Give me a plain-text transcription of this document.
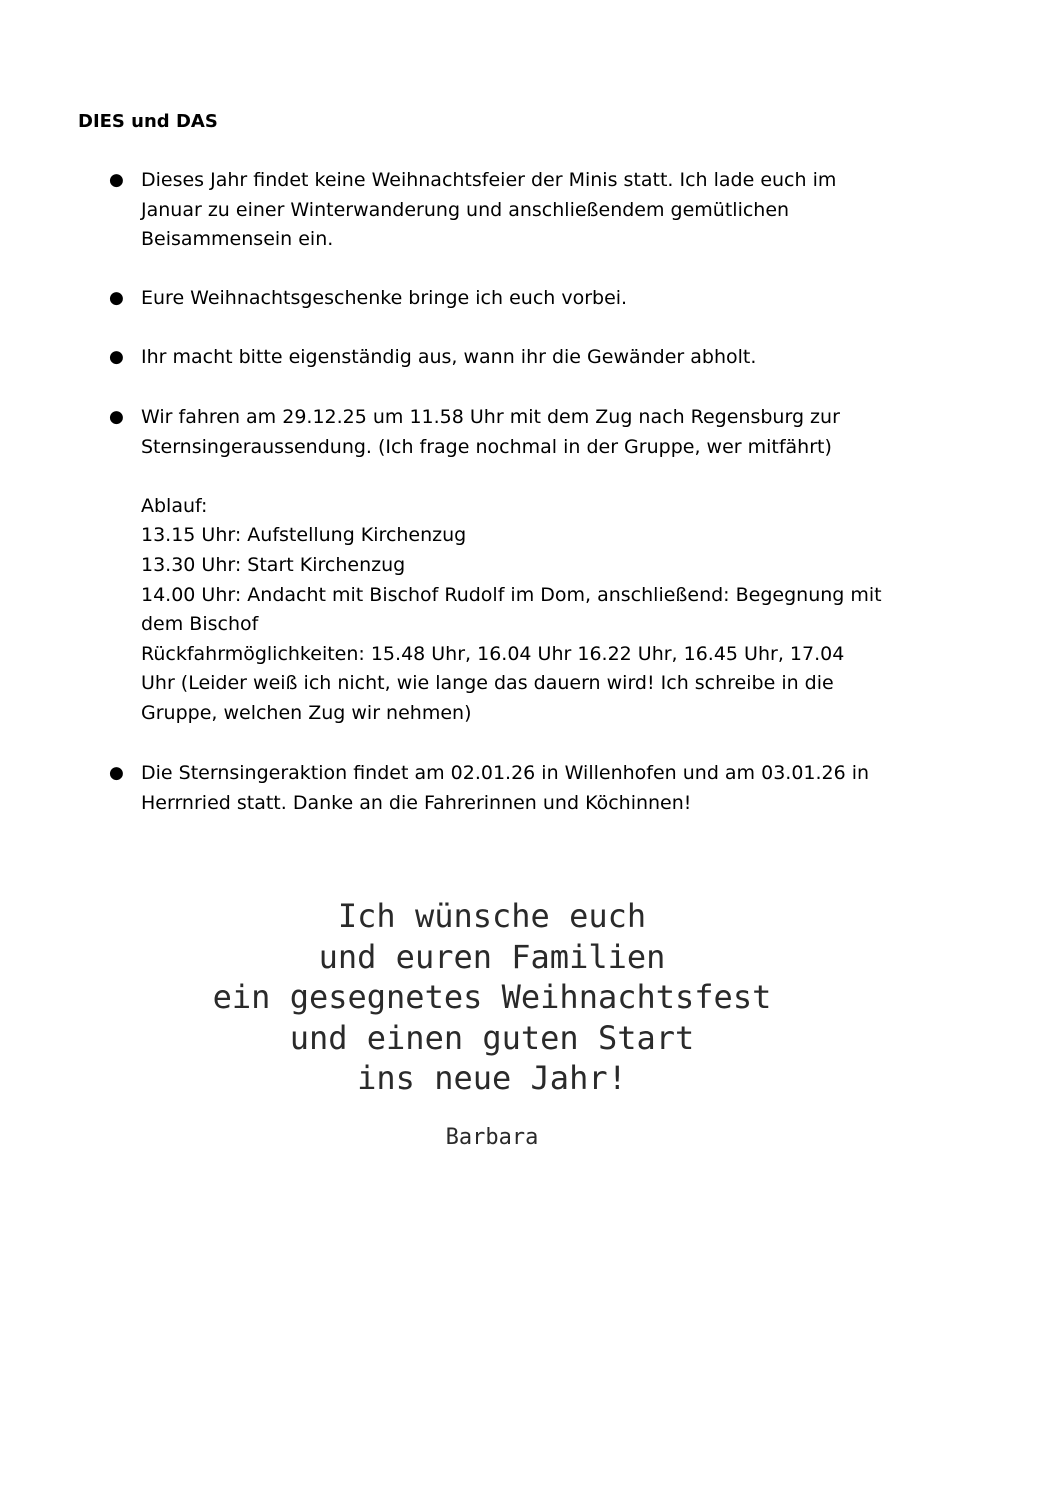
DIES und DAS
● Dieses Jahr findet keine Weihnachtsfeier der Minis statt. Ich lade euch im
Januar zu einer Winterwanderung und anschließendem gemütlichen
Beisammensein ein.
● Eure Weihnachtsgeschenke bringe ich euch vorbei.
● Ihr macht bitte eigenständig aus, wann ihr die Gewänder abholt.
● Wir fahren am 29.12.25 um 11.58 Uhr mit dem Zug nach Regensburg zur
Sternsingeraussendung. (Ich frage nochmal in der Gruppe, wer mitfährt)
Ablauf:
13.15 Uhr: Aufstellung Kirchenzug
13.30 Uhr: Start Kirchenzug
14.00 Uhr: Andacht mit Bischof Rudolf im Dom, anschließend: Begegnung mit
dem Bischof
Rückfahrmöglichkeiten: 15.48 Uhr, 16.04 Uhr 16.22 Uhr, 16.45 Uhr, 17.04
Uhr (Leider weiß ich nicht, wie lange das dauern wird! Ich schreibe in die
Gruppe, welchen Zug wir nehmen)
● Die Sternsingeraktion findet am 02.01.26 in Willenhofen und am 03.01.26 in
Herrnried statt. Danke an die Fahrerinnen und Köchinnen!
Ich wünsche euch
und euren Familien
ein gesegnetes Weihnachtsfest
und einen guten Start
ins neue Jahr!
Barbara
